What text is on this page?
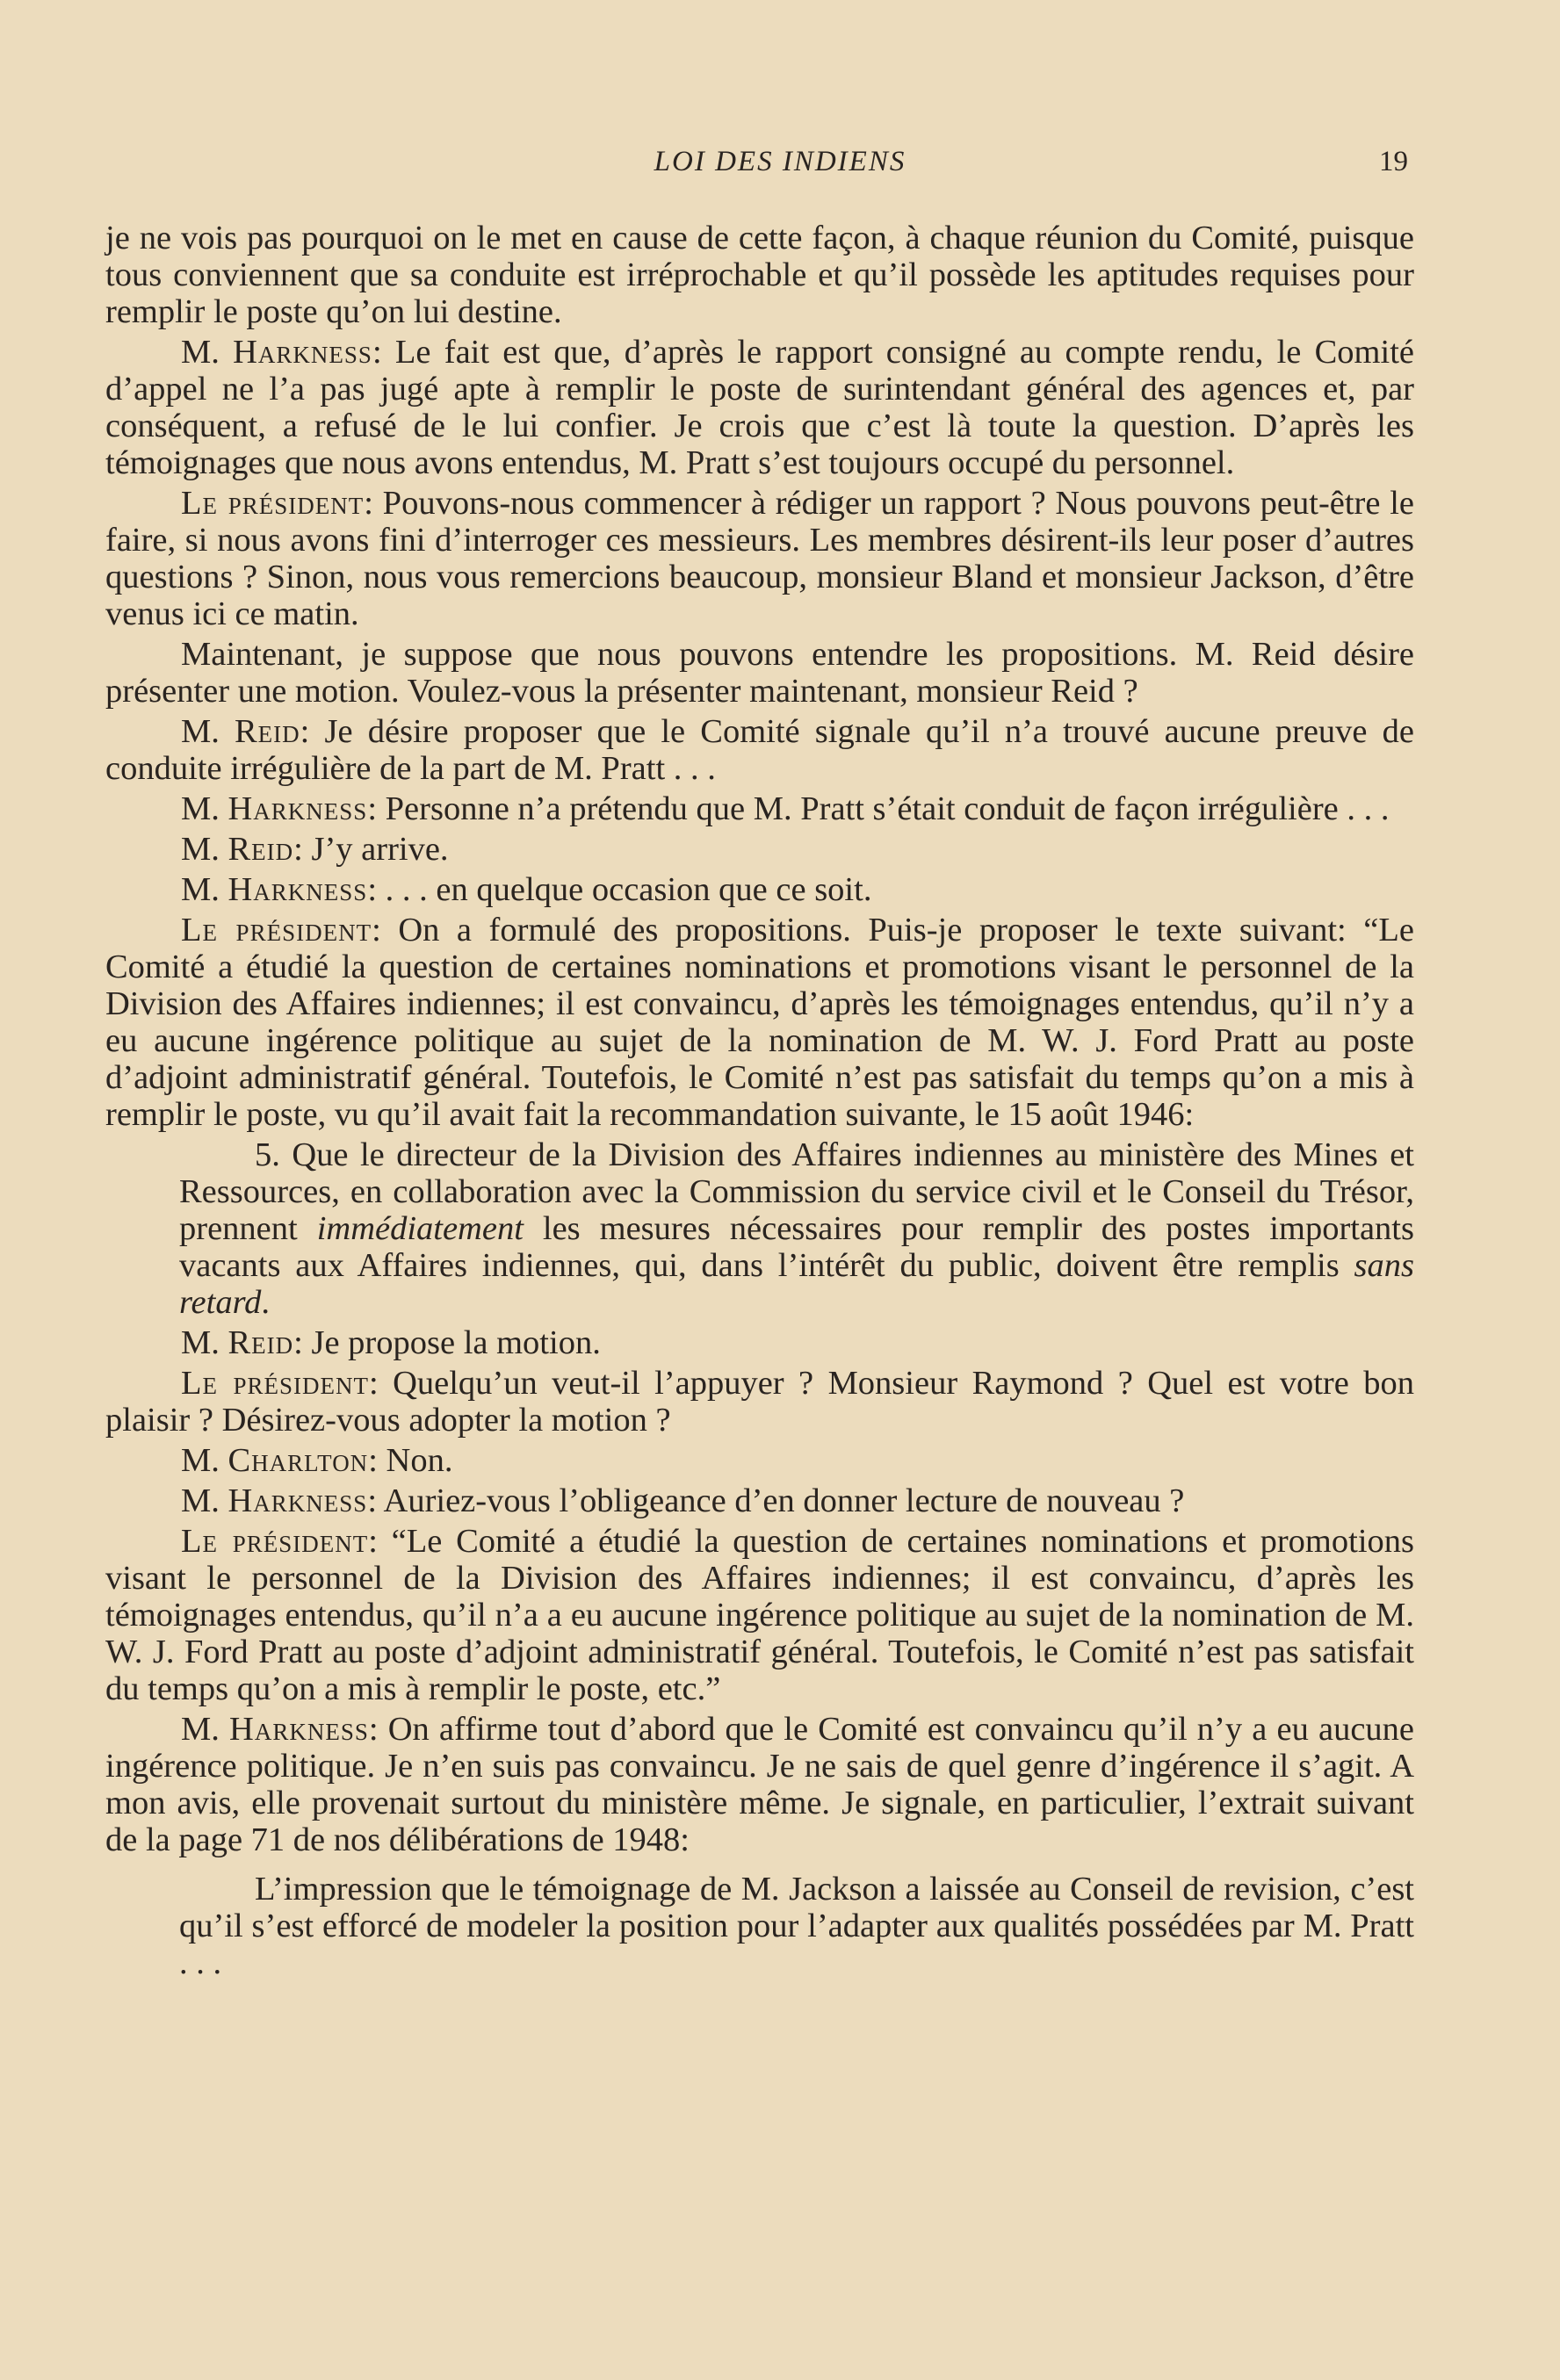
LOI DES INDIENS	19

je ne vois pas pourquoi on le met en cause de cette façon, à chaque réunion du Comité, puisque tous conviennent que sa conduite est irréprochable et qu’il possède les aptitudes requises pour remplir le poste qu’on lui destine.

M. Harkness: Le fait est que, d’après le rapport consigné au compte rendu, le Comité d’appel ne l’a pas jugé apte à remplir le poste de surintendant général des agences et, par conséquent, a refusé de le lui confier. Je crois que c’est là toute la question. D’après les témoignages que nous avons entendus, M. Pratt s’est toujours occupé du personnel.

Le président: Pouvons-nous commencer à rédiger un rapport ? Nous pouvons peut-être le faire, si nous avons fini d’interroger ces messieurs. Les membres désirent-ils leur poser d’autres questions ? Sinon, nous vous remercions beaucoup, monsieur Bland et monsieur Jackson, d’être venus ici ce matin.

Maintenant, je suppose que nous pouvons entendre les propositions. M. Reid désire présenter une motion. Voulez-vous la présenter maintenant, monsieur Reid ?

M. Reid: Je désire proposer que le Comité signale qu’il n’a trouvé aucune preuve de conduite irrégulière de la part de M. Pratt . . .

M. Harkness: Personne n’a prétendu que M. Pratt s’était conduit de façon irrégulière . . .

M. Reid: J’y arrive.

M. Harkness: . . . en quelque occasion que ce soit.

Le président: On a formulé des propositions. Puis-je proposer le texte suivant: “Le Comité a étudié la question de certaines nominations et promotions visant le personnel de la Division des Affaires indiennes; il est convaincu, d’après les témoignages entendus, qu’il n’y a eu aucune ingérence politique au sujet de la nomination de M. W. J. Ford Pratt au poste d’adjoint administratif général. Toutefois, le Comité n’est pas satisfait du temps qu’on a mis à remplir le poste, vu qu’il avait fait la recommandation suivante, le 15 août 1946:

5. Que le directeur de la Division des Affaires indiennes au ministère des Mines et Ressources, en collaboration avec la Commission du service civil et le Conseil du Trésor, prennent immédiatement les mesures nécessaires pour remplir des postes importants vacants aux Affaires indiennes, qui, dans l’intérêt du public, doivent être remplis sans retard.

M. Reid: Je propose la motion.

Le président: Quelqu’un veut-il l’appuyer ? Monsieur Raymond ? Quel est votre bon plaisir ? Désirez-vous adopter la motion ?

M. Charlton: Non.

M. Harkness: Auriez-vous l’obligeance d’en donner lecture de nouveau ?

Le président: “Le Comité a étudié la question de certaines nominations et promotions visant le personnel de la Division des Affaires indiennes; il est convaincu, d’après les témoignages entendus, qu’il n’a a eu aucune ingérence politique au sujet de la nomination de M. W. J. Ford Pratt au poste d’adjoint administratif général. Toutefois, le Comité n’est pas satisfait du temps qu’on a mis à remplir le poste, etc.”

M. Harkness: On affirme tout d’abord que le Comité est convaincu qu’il n’y a eu aucune ingérence politique. Je n’en suis pas convaincu. Je ne sais de quel genre d’ingérence il s’agit. A mon avis, elle provenait surtout du ministère même. Je signale, en particulier, l’extrait suivant de la page 71 de nos délibérations de 1948:

L’impression que le témoignage de M. Jackson a laissée au Conseil de revision, c’est qu’il s’est efforcé de modeler la position pour l’adapter aux qualités possédées par M. Pratt . . .
